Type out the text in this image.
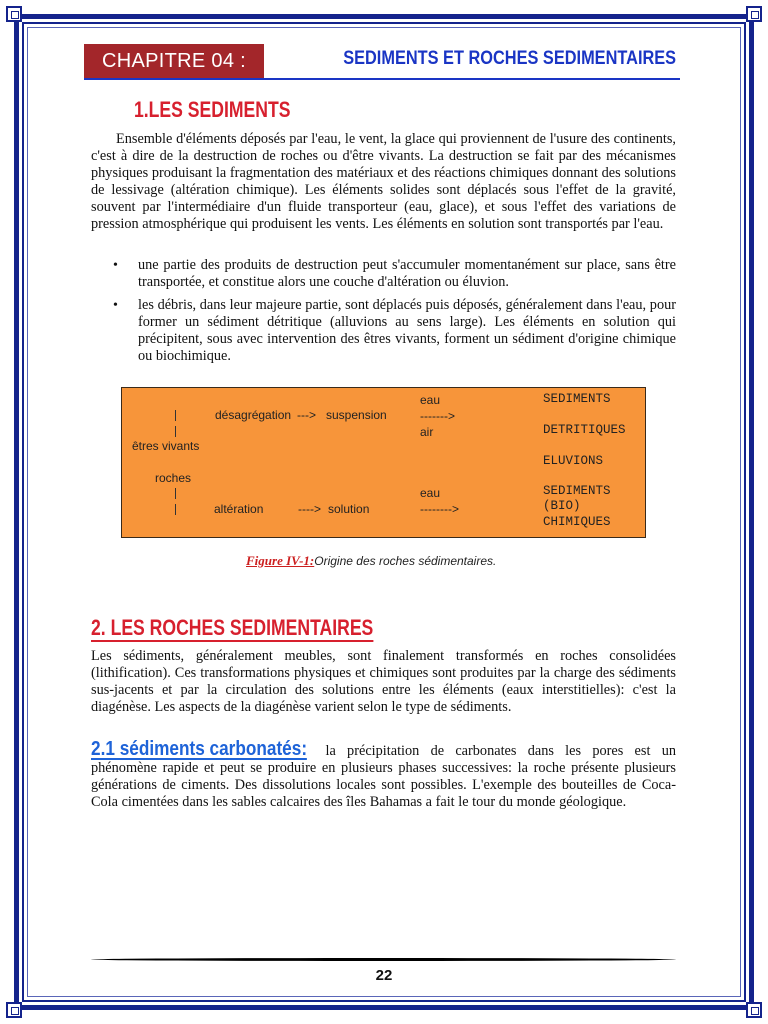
CHAPITRE 04 :	SEDIMENTS ET ROCHES SEDIMENTAIRES
1.LES SEDIMENTS
Ensemble d'éléments déposés par l'eau, le vent, la glace qui proviennent de l'usure des continents, c'est à dire de la destruction de roches ou d'être vivants. La destruction se fait par des mécanismes physiques produisant la fragmentation des matériaux et des réactions chimiques donnant des solutions de lessivage (altération chimique). Les éléments solides sont déplacés sous l'effet de la gravité, souvent par l'intermédiaire d'un fluide transporteur (eau, glace), et sous l'effet des variations de pression atmosphérique qui produisent les vents. Les éléments en solution sont transportés par l'eau.
• une partie des produits de destruction peut s'accumuler momentanément sur place, sans être transportée, et constitue alors une couche d'altération ou éluvion.
• les débris, dans leur majeure partie, sont déplacés puis déposés, généralement dans l'eau, pour former un sédiment détritique (alluvions au sens large). Les éléments en solution qui précipitent, sous avec intervention des êtres vivants, forment un sédiment d'origine chimique ou biochimique.
êtres vivants
roches
désagrégation ---> suspension
altération	----> solution
eau
------->
air
eau
-------->
SEDIMENTS
DETRITIQUES
ELUVIONS
SEDIMENTS
(BIO)
CHIMIQUES
Figure IV-1:Origine des roches sédimentaires.
2. LES ROCHES SEDIMENTAIRES
Les sédiments, généralement meubles, sont finalement transformés en roches consolidées (lithification). Ces transformations physiques et chimiques sont produites par la charge des sédiments sus-jacents et par la circulation des solutions entre les éléments (eaux interstitielles): c'est la diagénèse. Les aspects de la diagénèse varient selon le type de sédiments.
2.1 sédiments carbonatés: la précipitation de carbonates dans les pores est un phénomène rapide et peut se produire en plusieurs phases successives: la roche présente plusieurs générations de ciments. Des dissolutions locales sont possibles. L'exemple des bouteilles de Coca-Cola cimentées dans les sables calcaires des îles Bahamas a fait le tour du monde géologique.
22
